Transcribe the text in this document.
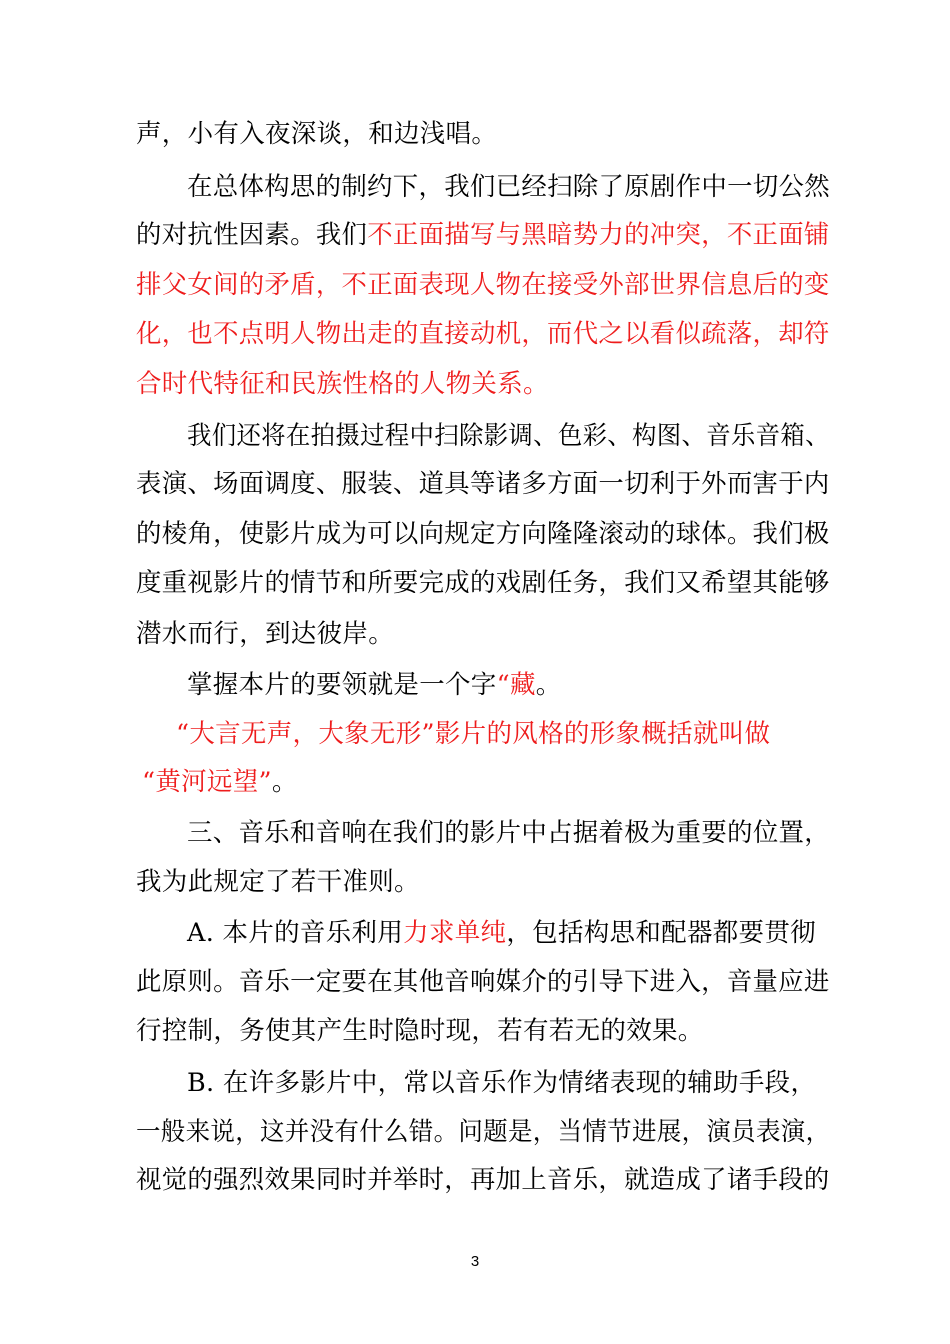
声，小有入夜深谈，和边浅唱。
在总体构思的制约下，我们已经扫除了原剧作中一切公然
的对抗性因素。我们不正面描写与黑暗势力的冲突，不正面铺
排父女间的矛盾，不正面表现人物在接受外部世界信息后的变
化，也不点明人物出走的直接动机，而代之以看似疏落，却符
合时代特征和民族性格的人物关系。
我们还将在拍摄过程中扫除影调、色彩、构图、音乐音箱、
表演、场面调度、服装、道具等诸多方面一切利于外而害于内
的棱角，使影片成为可以向规定方向隆隆滚动的球体。我们极
度重视影片的情节和所要完成的戏剧任务，我们又希望其能够
潜水而行，到达彼岸。
掌握本片的要领就是一个字“藏。
“大言无声，大象无形”影片的风格的形象概括就叫做
“黄河远望”。
三、音乐和音响在我们的影片中占据着极为重要的位置，
我为此规定了若干准则。
A. 本片的音乐利用力求单纯，包括构思和配器都要贯彻
此原则。音乐一定要在其他音响媒介的引导下进入，音量应进
行控制，务使其产生时隐时现，若有若无的效果。
B. 在许多影片中，常以音乐作为情绪表现的辅助手段，
一般来说，这并没有什么错。问题是，当情节进展，演员表演，
视觉的强烈效果同时并举时，再加上音乐，就造成了诸手段的
3
